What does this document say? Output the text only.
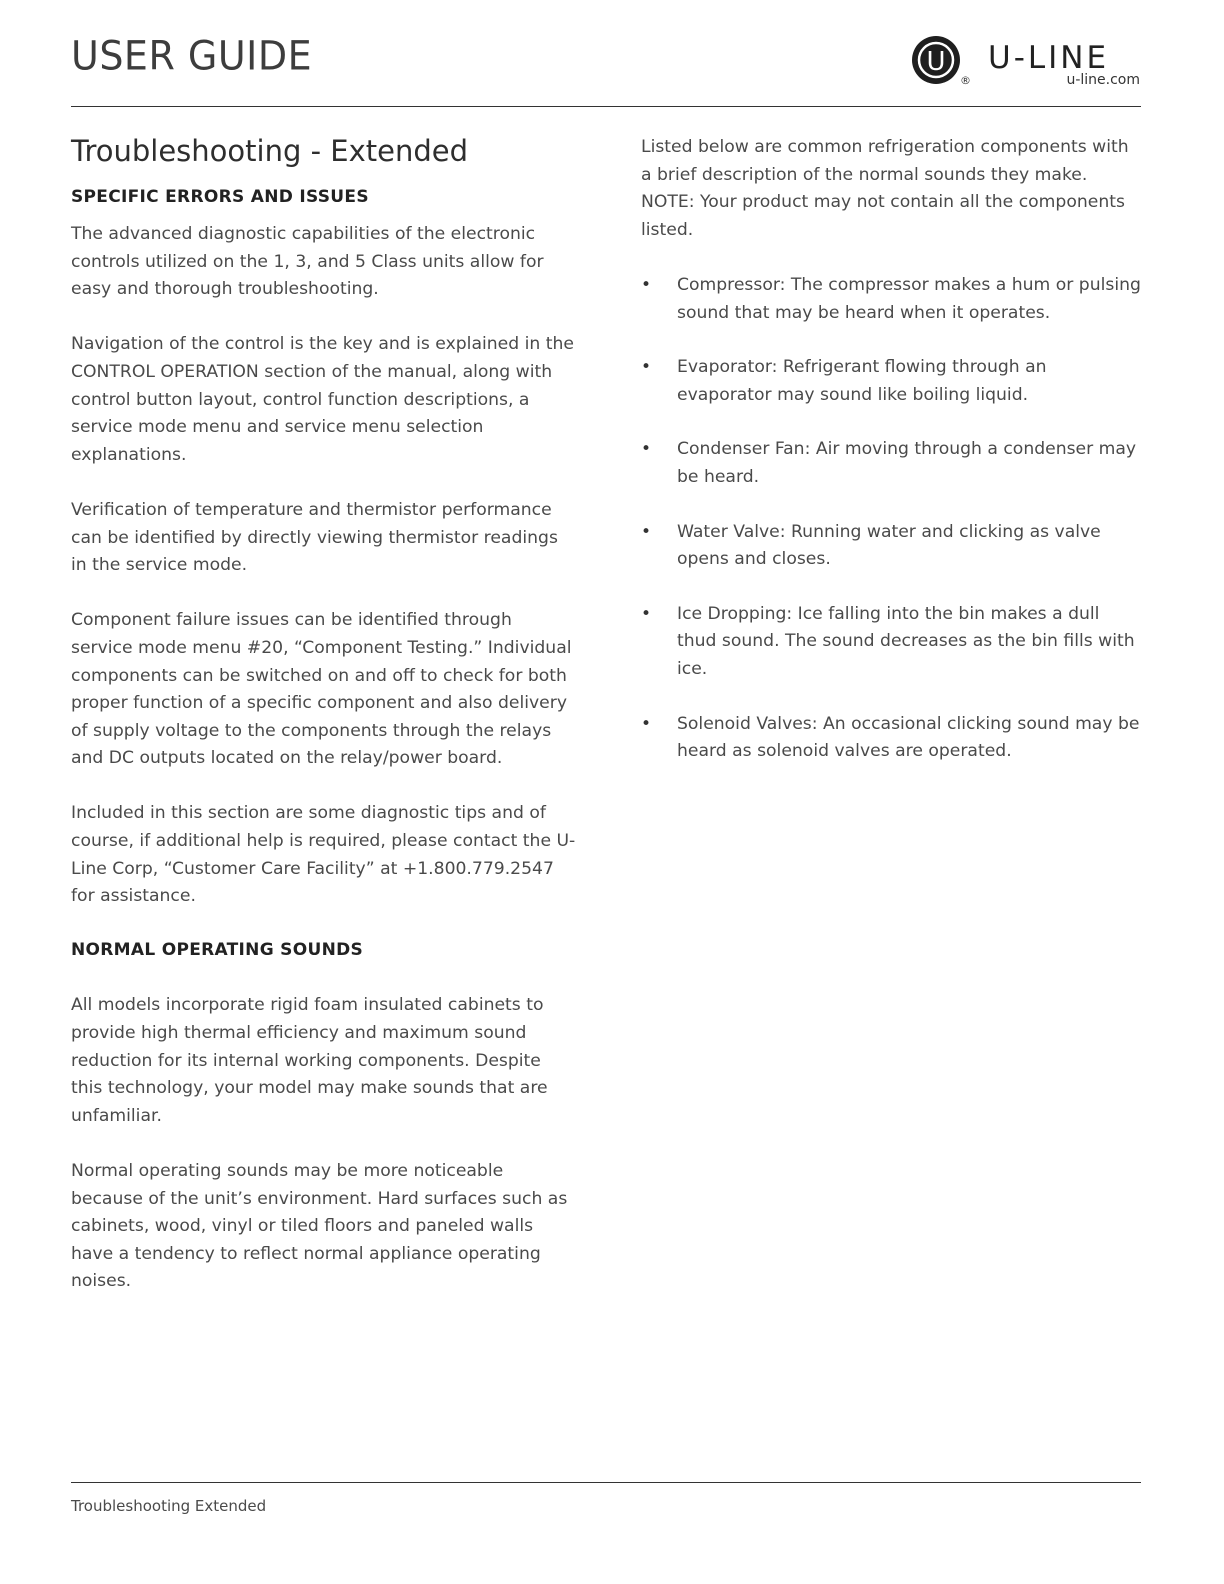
USER GUIDE	U
®
U-LINE
u-line.com
Troubleshooting - Extended
SPECIFIC ERRORS AND ISSUES

The advanced diagnostic capabilities of the electronic controls utilized on the 1, 3, and 5 Class units allow for easy and thorough troubleshooting.

Navigation of the control is the key and is explained in the CONTROL OPERATION section of the manual, along with control button layout, control function descriptions, a service mode menu and service menu selection explanations.

Verification of temperature and thermistor performance can be identified by directly viewing thermistor readings in the service mode.

Component failure issues can be identified through service mode menu #20, “Component Testing.” Individual components can be switched on and off to check for both proper function of a specific component and also delivery of supply voltage to the components through the relays and DC outputs located on the relay/power board.

Included in this section are some diagnostic tips and of course, if additional help is required, please contact the U-Line Corp, “Customer Care Facility” at +1.800.779.2547 for assistance.

NORMAL OPERATING SOUNDS

All models incorporate rigid foam insulated cabinets to provide high thermal efficiency and maximum sound reduction for its internal working components. Despite this technology, your model may make sounds that are unfamiliar.

Normal operating sounds may be more noticeable because of the unit’s environment. Hard surfaces such as cabinets, wood, vinyl or tiled floors and paneled walls have a tendency to reflect normal appliance operating noises.

Listed below are common refrigeration components with a brief description of the normal sounds they make. NOTE: Your product may not contain all the components listed.

• Compressor: The compressor makes a hum or pulsing sound that may be heard when it operates.
• Evaporator: Refrigerant flowing through an evaporator may sound like boiling liquid.
• Condenser Fan: Air moving through a condenser may be heard.
• Water Valve: Running water and clicking as valve opens and closes.
• Ice Dropping: Ice falling into the bin makes a dull thud sound. The sound decreases as the bin fills with ice.
• Solenoid Valves: An occasional clicking sound may be heard as solenoid valves are operated.
Troubleshooting Extended
